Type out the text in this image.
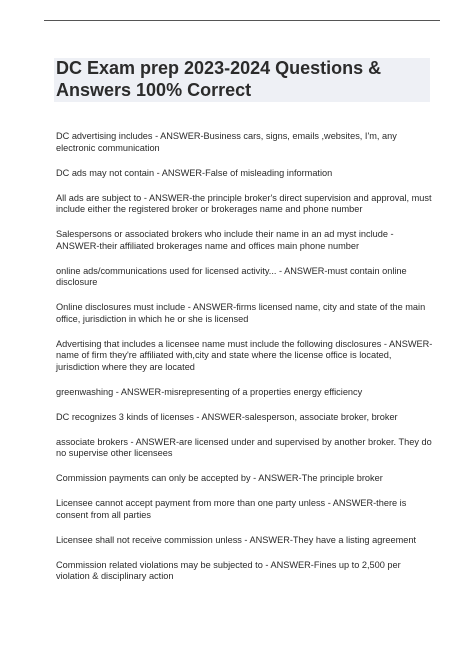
DC Exam prep 2023-2024 Questions &
Answers 100% Correct
DC advertising includes - ANSWER-Business cars, signs, emails ,websites, I'm, any electronic communication
DC ads may not contain - ANSWER-False of misleading information
All ads are subject to - ANSWER-the principle broker's direct supervision and approval, must include either the registered broker or brokerages name and phone number
Salespersons or associated brokers who include their name in an ad myst include - ANSWER-their affiliated brokerages name and offices main phone number
online ads/communications used for licensed activity... - ANSWER-must contain online disclosure
Online disclosures must include - ANSWER-firms licensed name, city and state of the main office, jurisdiction in which he or she is licensed
Advertising that includes a licensee name must include the following disclosures - ANSWER-name of firm they're affiliated with,city and state where the license office is located, jurisdiction where they are located
greenwashing - ANSWER-misrepresenting of a properties energy efficiency
DC recognizes 3 kinds of licenses - ANSWER-salesperson, associate broker, broker
associate brokers - ANSWER-are licensed under and supervised by another broker. They do no supervise other licensees
Commission payments can only be accepted by - ANSWER-The principle broker
Licensee cannot accept payment from more than one party unless - ANSWER-there is consent from all parties
Licensee shall not receive commission unless - ANSWER-They have a listing agreement
Commission related violations may be subjected to - ANSWER-Fines up to 2,500 per violation & disciplinary action
